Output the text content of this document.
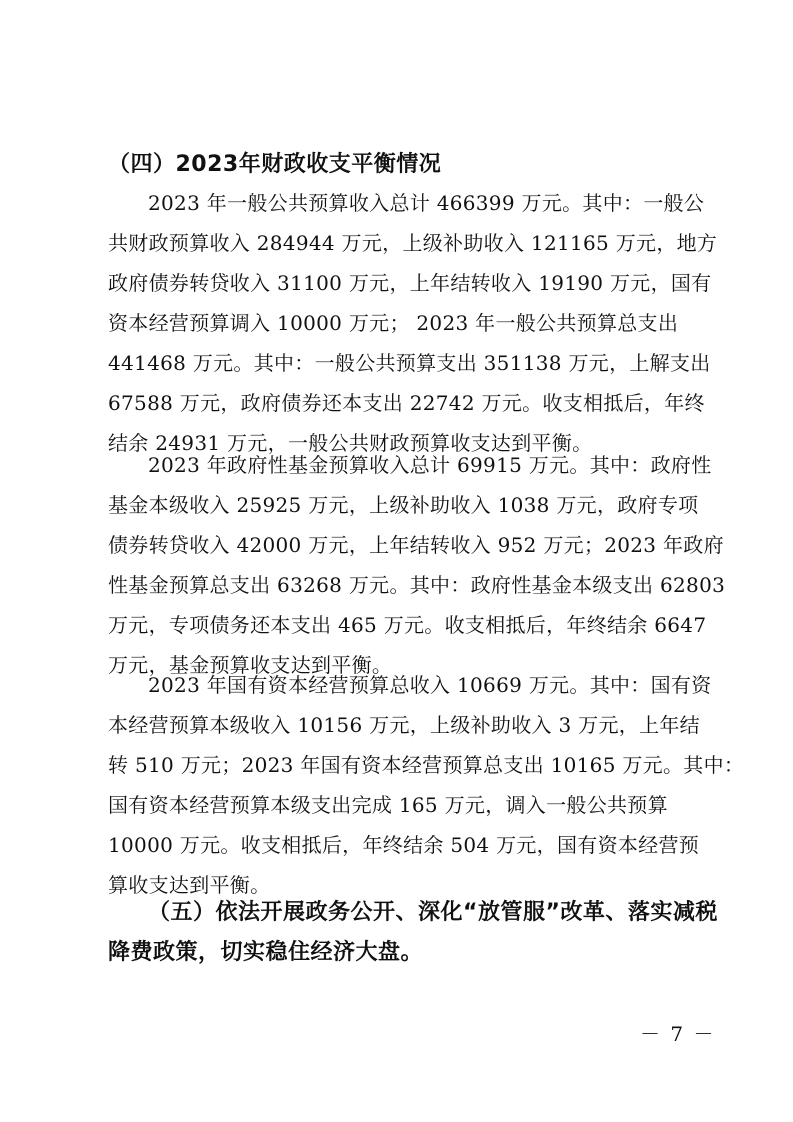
（四）2023年财政收支平衡情况
2023 年一般公共预算收入总计 466399 万元。其中：一般公
共财政预算收入 284944 万元，上级补助收入 121165 万元，地方
政府债券转贷收入 31100 万元，上年结转收入 19190 万元，国有
资本经营预算调入 10000 万元； 2023 年一般公共预算总支出
441468 万元。其中：一般公共预算支出 351138 万元，上解支出
67588 万元，政府债券还本支出 22742 万元。收支相抵后，年终
结余 24931 万元，一般公共财政预算收支达到平衡。
2023 年政府性基金预算收入总计 69915 万元。其中：政府性
基金本级收入 25925 万元，上级补助收入 1038 万元，政府专项
债券转贷收入 42000 万元，上年结转收入 952 万元；2023 年政府
性基金预算总支出 63268 万元。其中：政府性基金本级支出 62803
万元，专项债务还本支出 465 万元。收支相抵后，年终结余 6647
万元，基金预算收支达到平衡。
2023 年国有资本经营预算总收入 10669 万元。其中：国有资
本经营预算本级收入 10156 万元，上级补助收入 3 万元，上年结
转 510 万元；2023 年国有资本经营预算总支出 10165 万元。其中：
国有资本经营预算本级支出完成 165 万元，调入一般公共预算
10000 万元。收支相抵后，年终结余 504 万元，国有资本经营预
算收支达到平衡。
（五）依法开展政务公开、深化“放管服”改革、落实减税
降费政策，切实稳住经济大盘。
－ 7 －
